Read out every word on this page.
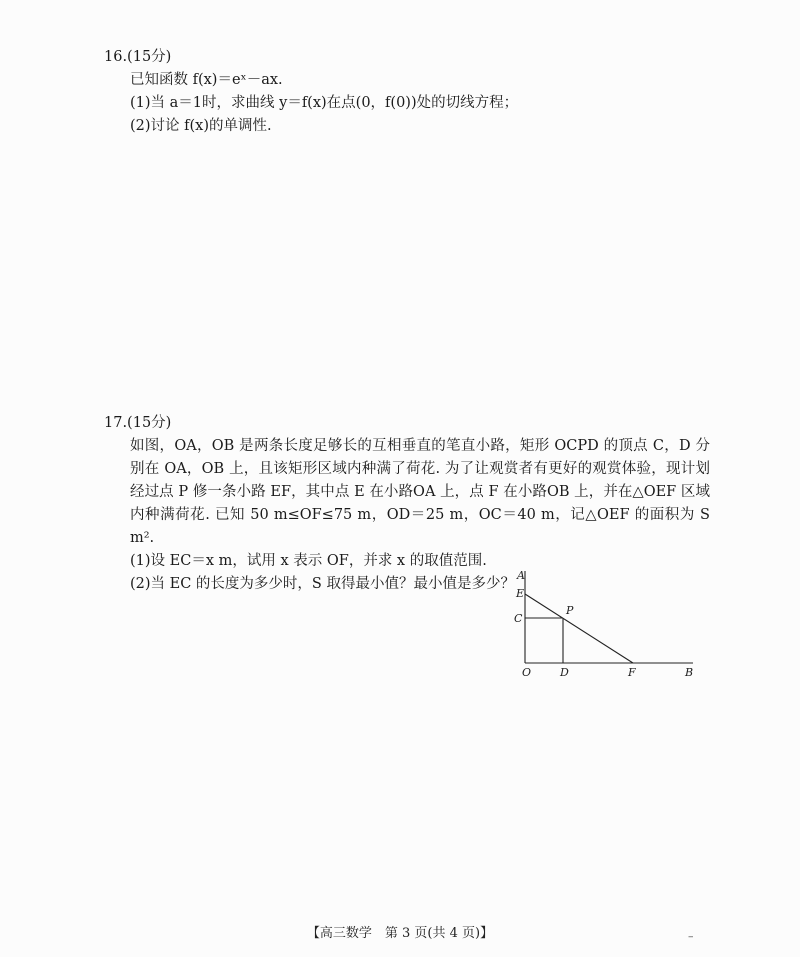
16.(15分)
已知函数 f(x)＝eˣ－ax.
(1)当 a＝1时，求曲线 y＝f(x)在点(0，f(0))处的切线方程；
(2)讨论 f(x)的单调性.
17.(15分)
如图，OA，OB 是两条长度足够长的互相垂直的笔直小路，矩形 OCPD 的顶点 C，D 分别在 OA，OB 上，且该矩形区域内种满了荷花. 为了让观赏者有更好的观赏体验，现计划经过点 P 修一条小路 EF，其中点 E 在小路OA 上，点 F 在小路OB 上，并在△OEF 区域内种满荷花. 已知 50 m≤OF≤75 m，OD＝25 m，OC＝40 m，记△OEF 的面积为 S m².
(1)设 EC＝x m，试用 x 表示 OF，并求 x 的取值范围.
(2)当 EC 的长度为多少时，S 取得最小值？最小值是多少？
A
E
C
P
O	D	F	B
【高三数学　第 3 页(共 4 页)】	–
